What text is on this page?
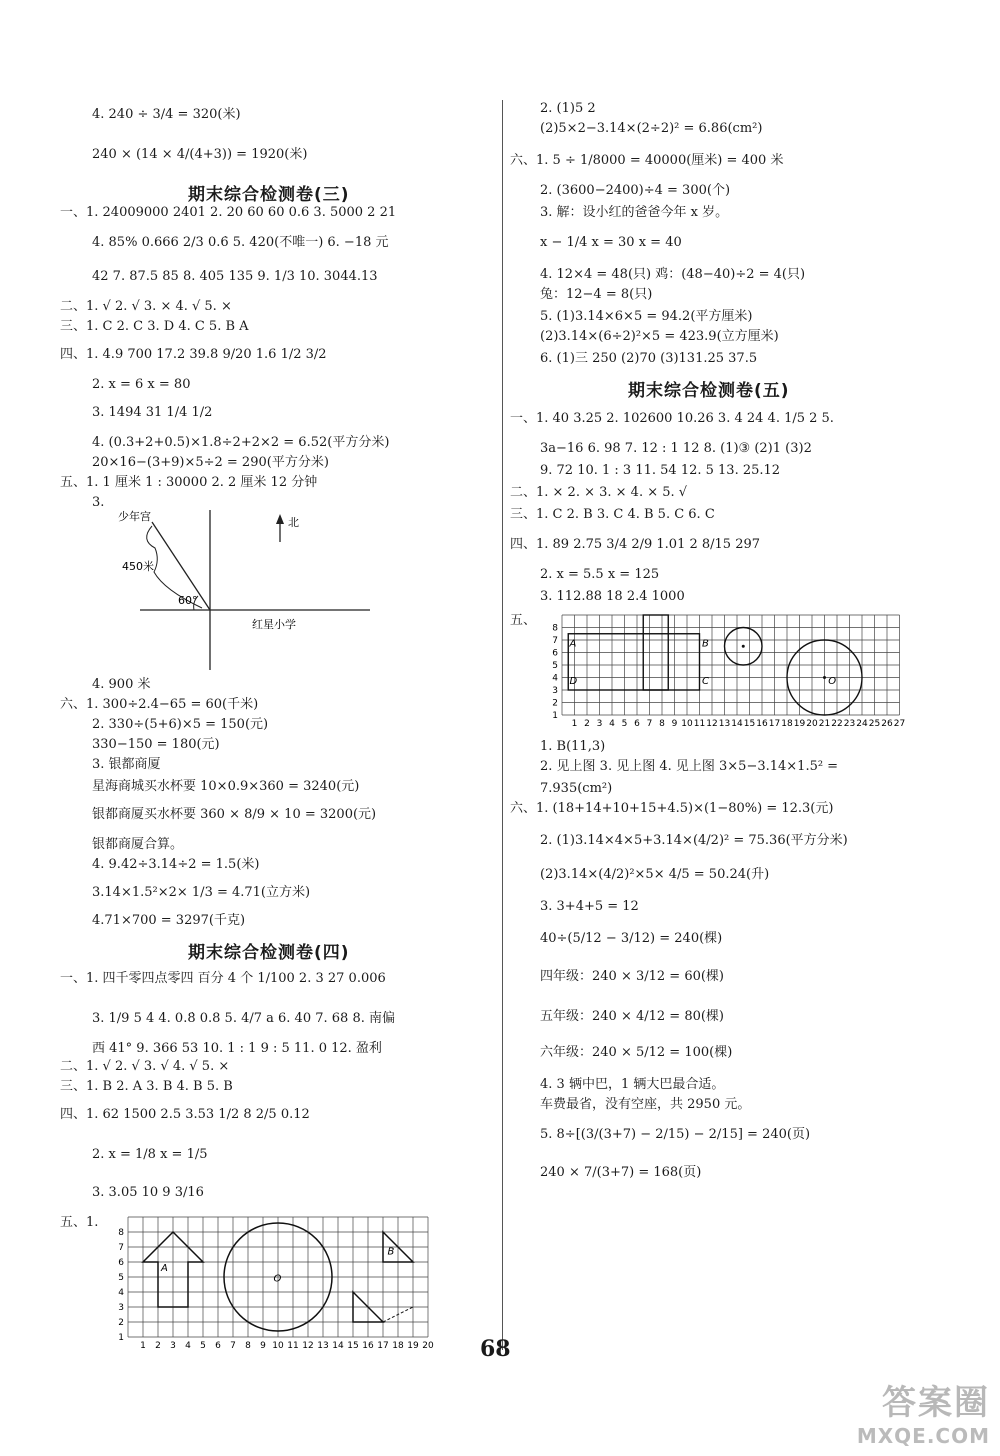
4. 240 ÷ 3/4 = 320(米)
240 × (14 × 4/(4+3)) = 1920(米)
期末综合检测卷(三)
一、1. 24009000 2401 2. 20 60 60 0.6 3. 5000 2 21
4. 85% 0.666 2/3 0.6̇ 5. 420(不唯一) 6. −18 元
42 7. 87.5 85 8. 405 135 9. 1/3 10. 3044.13
二、1. √ 2. √ 3. × 4. √ 5. ×
三、1. C 2. C 3. D 4. C 5. B A
四、1. 4.9 700 17.2 39.8 9/20 1.6 1/2 3/2
2. x = 6 x = 80
3. 1494 31 1/4 1/2
4. (0.3+2+0.5)×1.8÷2+2×2 = 6.52(平方分米)
20×16−(3+9)×5÷2 = 290(平方分米)
五、1. 1 厘米 1 : 30000 2. 2 厘米 12 分钟
3.
少年宫
450米
60°
北
红星小学
4. 900 米
六、1. 300÷2.4−65 = 60(千米)
2. 330÷(5+6)×5 = 150(元)
330−150 = 180(元)
3. 银都商厦
星海商城买水杯要 10×0.9×360 = 3240(元)
银都商厦买水杯要 360 × 8/9 × 10 = 3200(元)
银都商厦合算。
4. 9.42÷3.14÷2 = 1.5(米)
3.14×1.5²×2× 1/3 = 4.71(立方米)
4.71×700 = 3297(千克)
期末综合检测卷(四)
一、1. 四千零四点零四 百分 4 个 1/100 2. 3 27 0.006
3. 1/9 5 4 4. 0.8̇ 0.8 5. 4/7 a 6. 40 7. 68 8. 南偏
西 41° 9. 366 53 10. 1 : 1 9 : 5 11. 0 12. 盈利
二、1. √ 2. √ 3. √ 4. √ 5. ×
三、1. B 2. A 3. B 4. B 5. B
四、1. 62 1500 2.5 3.53 1/2 8 2/5 0.12
2. x = 1/8 x = 1/5
3. 3.05 10 9 3/16
五、1.
1 2 3 4 5 6 7 8 9 10 11 12 13 14 15 16 17 18 19 20
1
2
3
4
5
6
7
8
A
O
B
2. (1)5 2
(2)5×2−3.14×(2÷2)² = 6.86(cm²)
六、1. 5 ÷ 1/8000 = 40000(厘米) = 400 米
2. (3600−2400)÷4 = 300(个)
3. 解：设小红的爸爸今年 x 岁。
x − 1/4 x = 30 x = 40
4. 12×4 = 48(只) 鸡：(48−40)÷2 = 4(只)
兔：12−4 = 8(只)
5. (1)3.14×6×5 = 94.2(平方厘米)
(2)3.14×(6÷2)²×5 = 423.9(立方厘米)
6. (1)三 250 (2)70 (3)131.25 37.5
期末综合检测卷(五)
一、1. 40 3.25 2. 102600 10.26 3. 4 24 4. 1/5 2 5.
3a−16 6. 98 7. 12 : 1 12 8. (1)③ (2)1 (3)2
9. 72 10. 1 : 3 11. 54 12. 5 13. 25.12
二、1. × 2. × 3. × 4. × 5. √
三、1. C 2. B 3. C 4. B 5. C 6. C
四、1. 89 2.75 3/4 2/9 1.01 2 8/15 297
2. x = 5.5 x = 125
3. 112.88 18 2.4 1000
五、
1 2 3 4 5 6 7 8 9 10 11 12 13 14 15 16 17 18 19 20 21 22 23 24 25 26 27
1
2
3
4
5
6
7
8
A	B
C
D	O
1. B(11,3)
2. 见上图 3. 见上图 4. 见上图 3×5−3.14×1.5² =
7.935(cm²)
六、1. (18+14+10+15+4.5)×(1−80%) = 12.3(元)
2. (1)3.14×4×5+3.14×(4/2)² = 75.36(平方分米)
(2)3.14×(4/2)²×5× 4/5 = 50.24(升)
3. 3+4+5 = 12
40÷(5/12 − 3/12) = 240(棵)
四年级：240 × 3/12 = 60(棵)
五年级：240 × 4/12 = 80(棵)
六年级：240 × 5/12 = 100(棵)
4. 3 辆中巴，1 辆大巴最合适。
车费最省，没有空座，共 2950 元。
5. 8÷[(3/(3+7) − 2/15) − 2/15] = 240(页)
240 × 7/(3+7) = 168(页)
68
答案圈
MXQE.COM
